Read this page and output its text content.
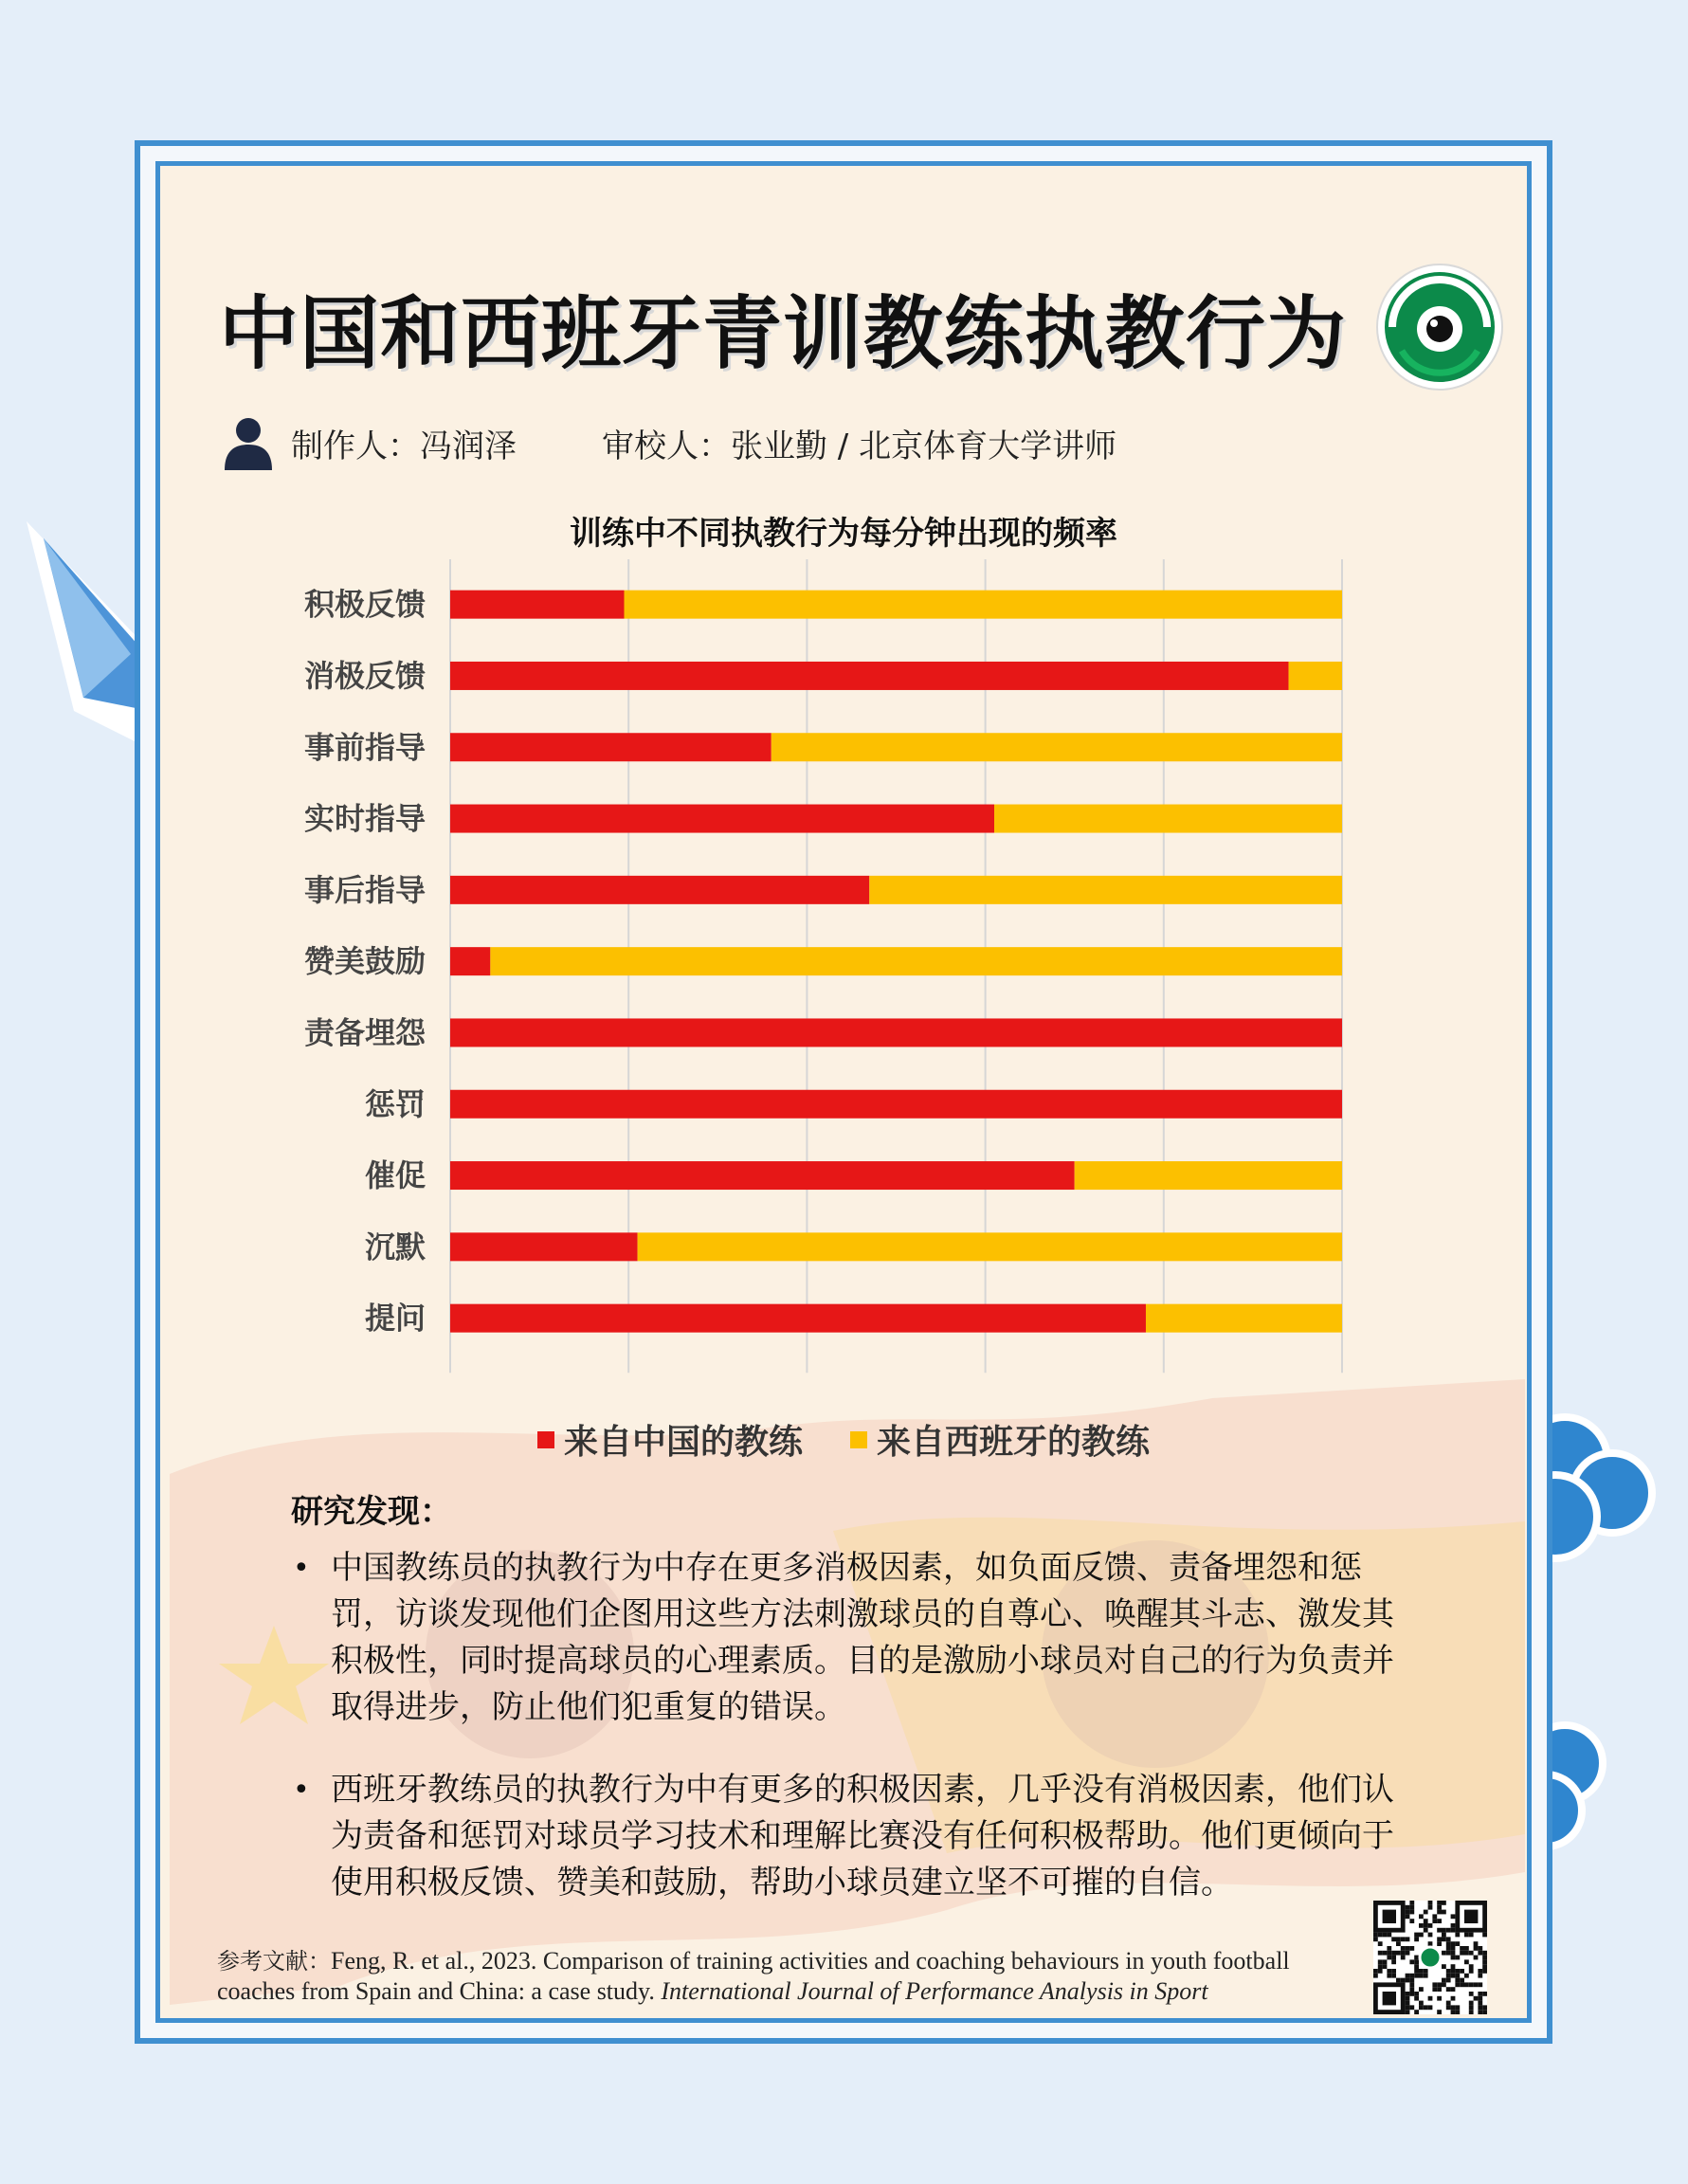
中国和西班牙青训教练执教行为
制作人：冯润泽	审校人：张业勤 / 北京体育大学讲师
训练中不同执教行为每分钟出现的频率
积极反馈
消极反馈
事前指导
实时指导
事后指导
赞美鼓励
责备埋怨
惩罚
催促
沉默
提问
来自中国的教练 来自西班牙的教练
研究发现：
• 中国教练员的执教行为中存在更多消极因素，如负面反馈、责备埋怨和惩罚，访谈发现他们企图用这些方法刺激球员的自尊心、唤醒其斗志、激发其积极性，同时提高球员的心理素质。目的是激励小球员对自己的行为负责并取得进步，防止他们犯重复的错误。
• 西班牙教练员的执教行为中有更多的积极因素，几乎没有消极因素，他们认为责备和惩罚对球员学习技术和理解比赛没有任何积极帮助。他们更倾向于使用积极反馈、赞美和鼓励，帮助小球员建立坚不可摧的自信。
参考文献：Feng, R. et al., 2023. Comparison of training activities and coaching behaviours in youth football coaches from Spain and China: a case study. International Journal of Performance Analysis in Sport
